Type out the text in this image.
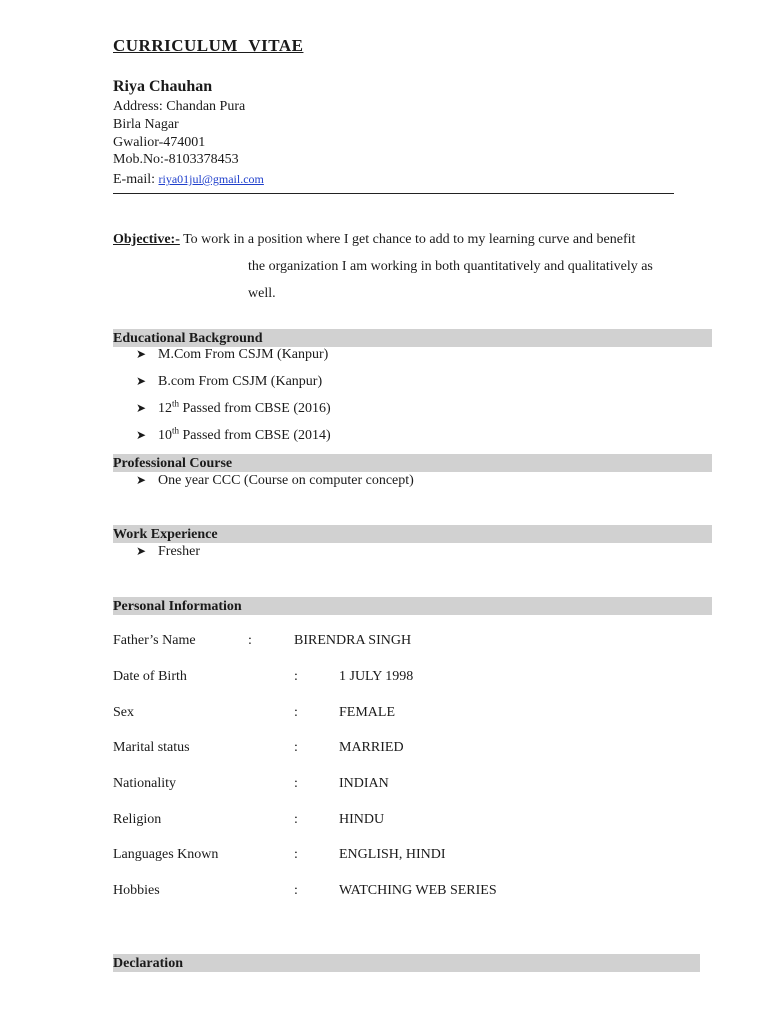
CURRICULUM VITAE
Riya Chauhan
Address: Chandan Pura
Birla Nagar
Gwalior-474001
Mob.No:-8103378453
E-mail: riya01jul@gmail.com
Objective:- To work in a position where I get chance to add to my learning curve and benefit
the organization I am working in both quantitatively and qualitatively as
well.
Educational Background
➤ M.Com From CSJM (Kanpur)
➤ B.com From CSJM (Kanpur)
➤ 12th Passed from CBSE (2016)
➤ 10th Passed from CBSE (2014)
Professional Course
➤ One year CCC (Course on computer concept)
Work Experience
➤ Fresher
Personal Information
Father’s Name	:	BIRENDRA SINGH
Date of Birth	:	1 JULY 1998
Sex	:	FEMALE
Marital status	:	MARRIED
Nationality	:	INDIAN
Religion	:	HINDU
Languages Known	:	ENGLISH, HINDI
Hobbies	:	WATCHING WEB SERIES
Declaration
